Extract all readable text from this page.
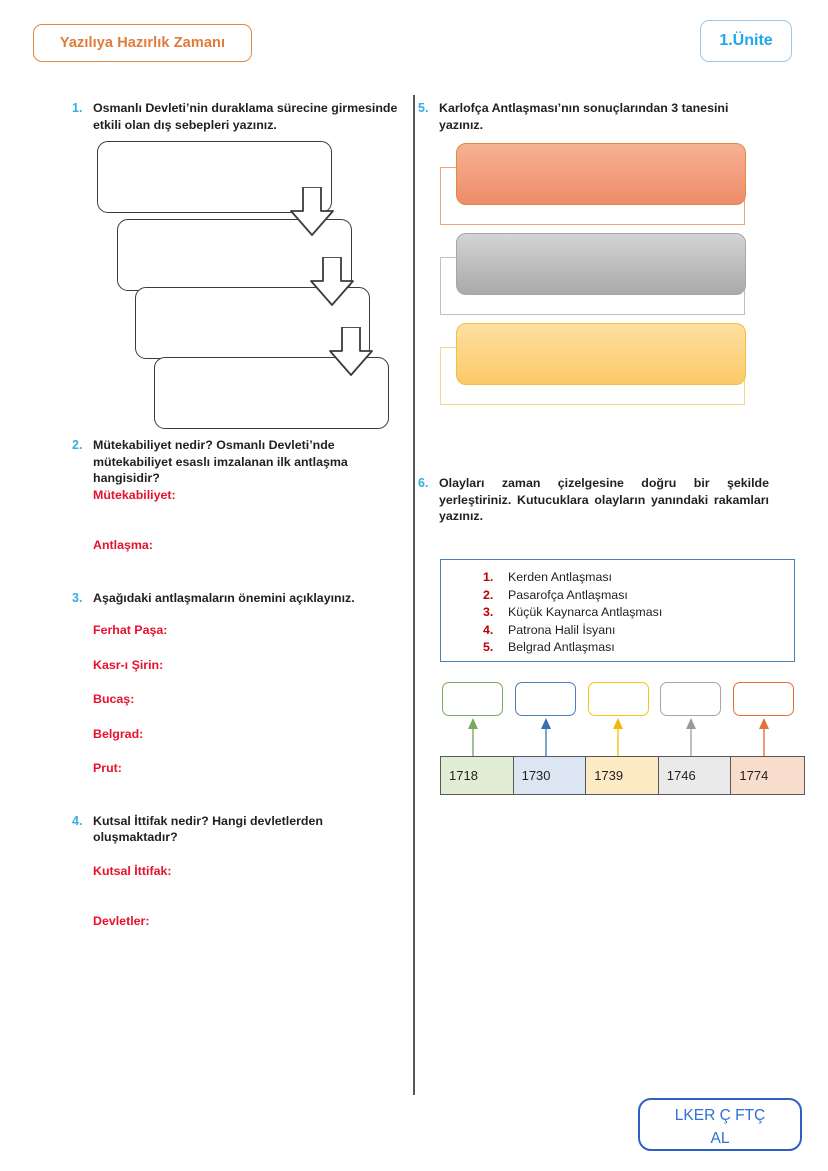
Yazılıya Hazırlık Zamanı	1.Ünite
1. Osmanlı Devleti’nin duraklama sürecine girmesinde etkili olan dış sebepleri yazınız.
2. Mütekabiliyet nedir? Osmanlı Devleti’nde mütekabiliyet esaslı imzalanan ilk antlaşma hangisidir?
Mütekabiliyet:
Antlaşma:
3. Aşağıdaki antlaşmaların önemini açıklayınız.
Ferhat Paşa:
Kasr-ı Şirin:
Bucaş:
Belgrad:
Prut:
4. Kutsal İttifak nedir? Hangi devletlerden oluşmaktadır?
Kutsal İttifak:
Devletler:
5. Karlofça Antlaşması’nın sonuçlarından 3 tanesini yazınız.
6. Olayları zaman çizelgesine doğru bir şekilde yerleştiriniz. Kutucuklara olayların yanındaki rakamları yazınız.
1.	Kerden Antlaşması
2.	Pasarofça Antlaşması
3.	Küçük Kaynarca Antlaşması
4.	Patrona Halil İsyanı
5.	Belgrad Antlaşması
1718	1730	1739	1746	1774
LKER Ç FTÇ
AL
